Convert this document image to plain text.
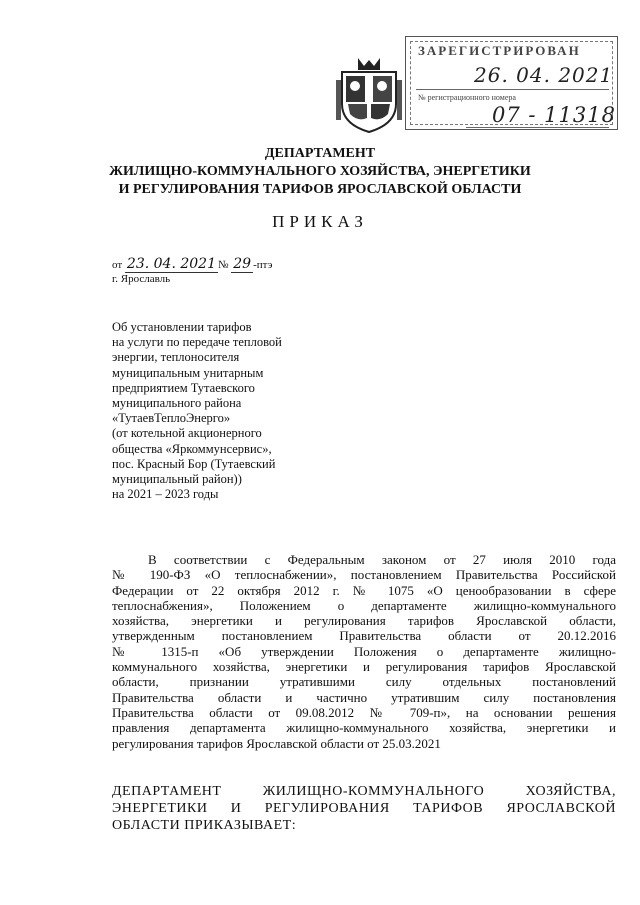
ЗАРЕГИСТРИРОВАН
26. 04. 2021
№ регистрационного номера
07 - 11318
ДЕПАРТАМЕНТ
ЖИЛИЩНО-КОММУНАЛЬНОГО ХОЗЯЙСТВА, ЭНЕРГЕТИКИ
И РЕГУЛИРОВАНИЯ ТАРИФОВ ЯРОСЛАВСКОЙ ОБЛАСТИ
ПРИКАЗ
от 23. 04. 2021 № 29 -птэ
г. Ярославль
Об установлении тарифов
на услуги по передаче тепловой
энергии, теплоносителя
муниципальным унитарным
предприятием Тутаевского
муниципального района
«ТутаевТеплоЭнерго»
(от котельной акционерного
общества «Яркоммунсервис»,
пос. Красный Бор (Тутаевский
муниципальный район))
на 2021 – 2023 годы
В соответствии с Федеральным законом от 27 июля 2010 года
№ 190-ФЗ «О теплоснабжении», постановлением Правительства Российской
Федерации от 22 октября 2012 г. № 1075 «О ценообразовании в сфере
теплоснабжения», Положением о департаменте жилищно-коммунального
хозяйства, энергетики и регулирования тарифов Ярославской области,
утвержденным постановлением Правительства области от 20.12.2016
№ 1315-п «Об утверждении Положения о департаменте жилищно-
коммунального хозяйства, энергетики и регулирования тарифов Ярославской
области, признании утратившими силу отдельных постановлений
Правительства области и частично утратившим силу постановления
Правительства области от 09.08.2012 № 709-п», на основании решения
правления департамента жилищно-коммунального хозяйства, энергетики и
регулирования тарифов Ярославской области от 25.03.2021
ДЕПАРТАМЕНТ ЖИЛИЩНО-КОММУНАЛЬНОГО ХОЗЯЙСТВА,
ЭНЕРГЕТИКИ И РЕГУЛИРОВАНИЯ ТАРИФОВ ЯРОСЛАВСКОЙ
ОБЛАСТИ ПРИКАЗЫВАЕТ:
